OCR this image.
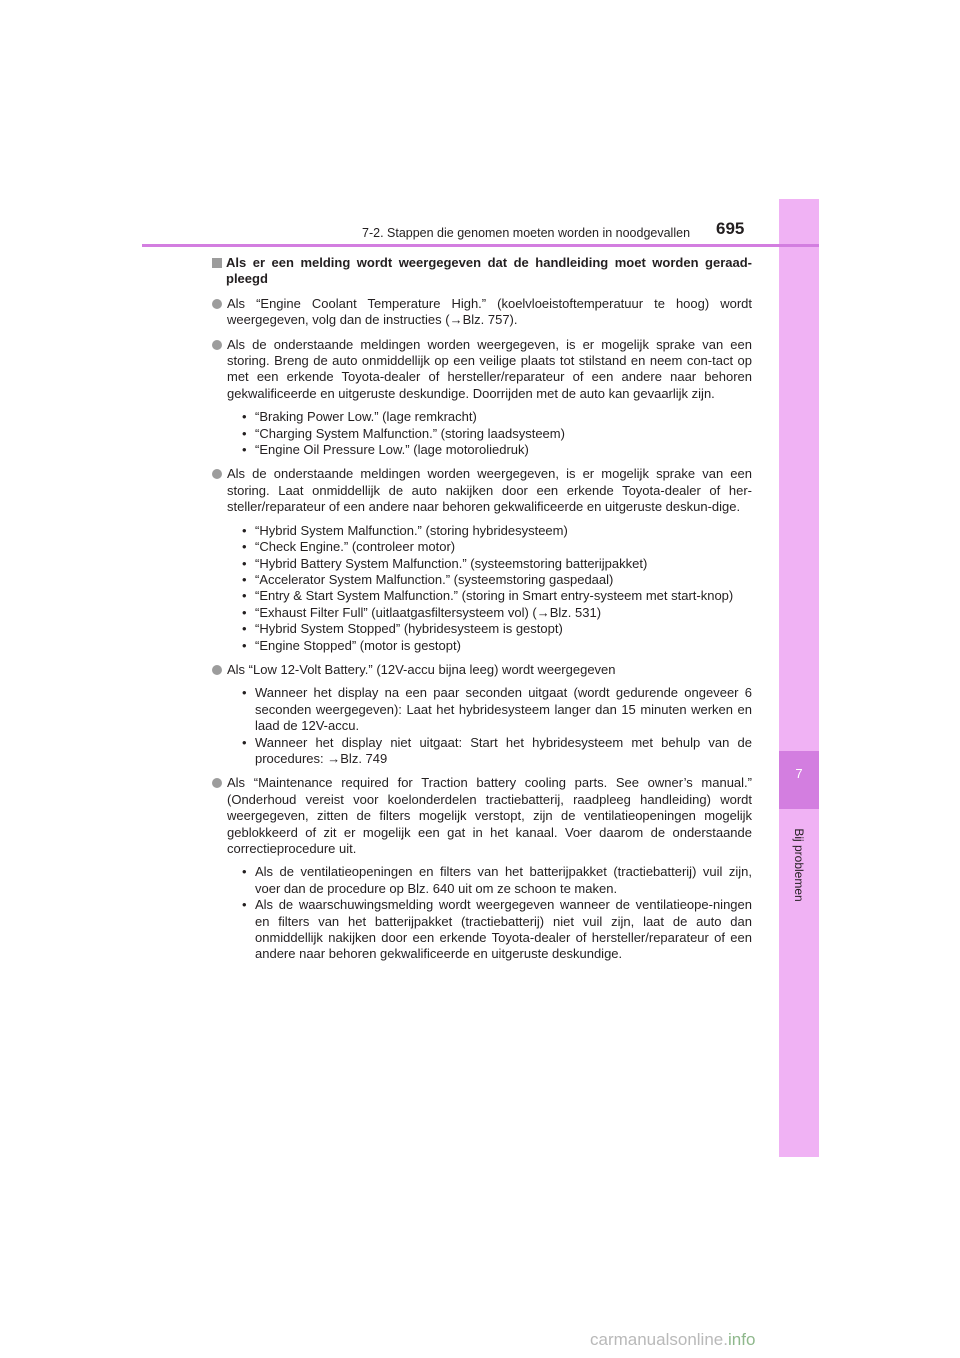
7
Bij problemen
7-2. Stappen die genomen moeten worden in noodgevallen 695
Als er een melding wordt weergegeven dat de handleiding moet worden geraad-pleegd
Als “Engine Coolant Temperature High.” (koelvloeistoftemperatuur te hoog) wordt weergegeven, volg dan de instructies (→Blz. 757).
Als de onderstaande meldingen worden weergegeven, is er mogelijk sprake van een storing. Breng de auto onmiddellijk op een veilige plaats tot stilstand en neem con-tact op met een erkende Toyota-dealer of hersteller/reparateur of een andere naar behoren gekwalificeerde en uitgeruste deskundige. Doorrijden met de auto kan gevaarlijk zijn.
• “Braking Power Low.” (lage remkracht)
• “Charging System Malfunction.” (storing laadsysteem)
• “Engine Oil Pressure Low.” (lage motoroliedruk)
Als de onderstaande meldingen worden weergegeven, is er mogelijk sprake van een storing. Laat onmiddellijk de auto nakijken door een erkende Toyota-dealer of her-steller/reparateur of een andere naar behoren gekwalificeerde en uitgeruste deskun-dige.
• “Hybrid System Malfunction.” (storing hybridesysteem)
• “Check Engine.” (controleer motor)
• “Hybrid Battery System Malfunction.” (systeemstoring batterijpakket)
• “Accelerator System Malfunction.” (systeemstoring gaspedaal)
• “Entry & Start System Malfunction.” (storing in Smart entry-systeem met start-knop)
• “Exhaust Filter Full” (uitlaatgasfiltersysteem vol) (→Blz. 531)
• “Hybrid System Stopped” (hybridesysteem is gestopt)
• “Engine Stopped” (motor is gestopt)
Als “Low 12-Volt Battery.” (12V-accu bijna leeg) wordt weergegeven
• Wanneer het display na een paar seconden uitgaat (wordt gedurende ongeveer 6 seconden weergegeven): Laat het hybridesysteem langer dan 15 minuten werken en laad de 12V-accu.
• Wanneer het display niet uitgaat: Start het hybridesysteem met behulp van de procedures: →Blz. 749
Als “Maintenance required for Traction battery cooling parts. See owner’s manual.” (Onderhoud vereist voor koelonderdelen tractiebatterij, raadpleeg handleiding) wordt weergegeven, zitten de filters mogelijk verstopt, zijn de ventilatieopeningen mogelijk geblokkeerd of zit er mogelijk een gat in het kanaal. Voer daarom de onderstaande correctieprocedure uit.
• Als de ventilatieopeningen en filters van het batterijpakket (tractiebatterij) vuil zijn, voer dan de procedure op Blz. 640 uit om ze schoon te maken.
• Als de waarschuwingsmelding wordt weergegeven wanneer de ventilatieope-ningen en filters van het batterijpakket (tractiebatterij) niet vuil zijn, laat de auto dan onmiddellijk nakijken door een erkende Toyota-dealer of hersteller/reparateur of een andere naar behoren gekwalificeerde en uitgeruste deskundige.
carmanualsonline.info
